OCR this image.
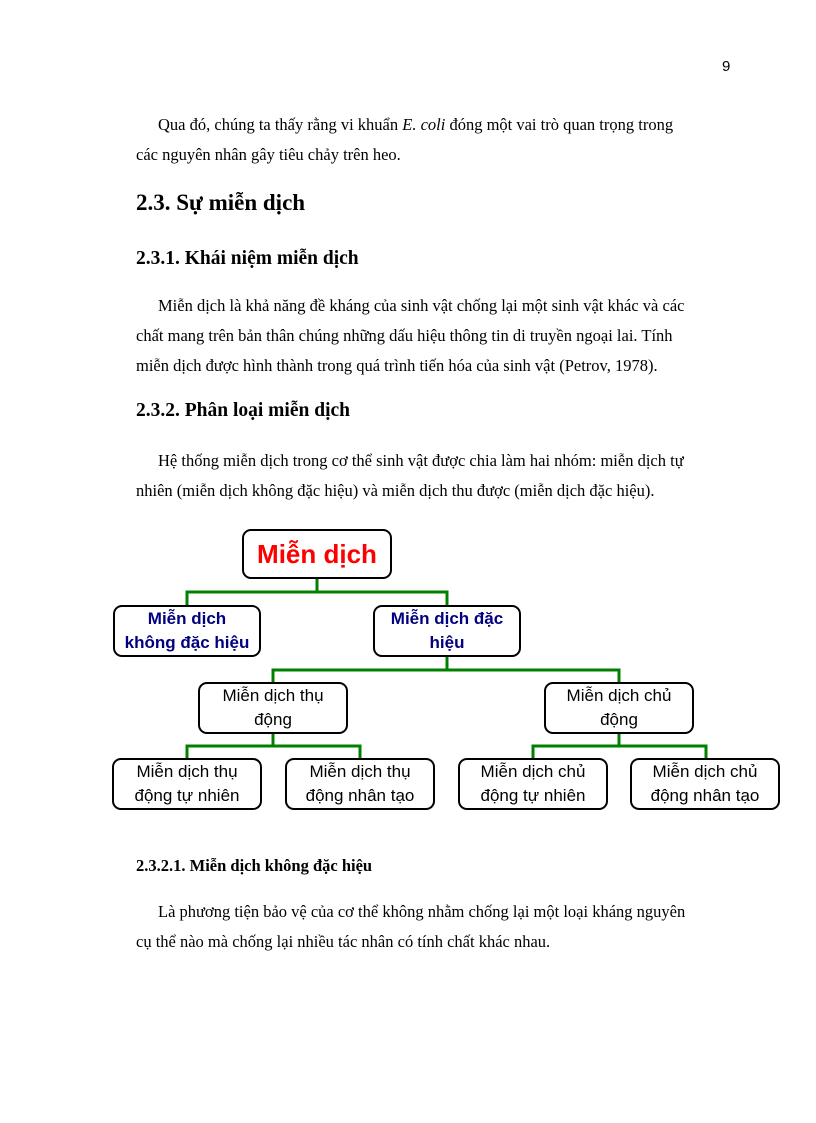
9

Qua đó, chúng ta thấy rằng vi khuẩn E. coli đóng một vai trò quan trọng trong
các nguyên nhân gây tiêu chảy trên heo.

2.3. Sự miễn dịch
2.3.1. Khái niệm miễn dịch

Miễn dịch là khả năng đề kháng của sinh vật chống lại một sinh vật khác và các
chất mang trên bản thân chúng những dấu hiệu thông tin di truyền ngoại lai. Tính
miễn dịch được hình thành trong quá trình tiến hóa của sinh vật (Petrov, 1978).

2.3.2. Phân loại miễn dịch

Hệ thống miễn dịch trong cơ thể sinh vật được chia làm hai nhóm: miễn dịch tự
nhiên (miễn dịch không đặc hiệu) và miễn dịch thu được (miễn dịch đặc hiệu).

Miễn dịch
Miễn dịch
không đặc hiệu
Miễn dịch đặc
hiệu
Miễn dịch thụ
động
Miễn dịch chủ
động
Miễn dịch thụ
động tự nhiên
Miễn dịch thụ
động nhân tạo
Miễn dịch chủ
động tự nhiên
Miễn dịch chủ
động nhân tạo
2.3.2.1. Miễn dịch không đặc hiệu

Là phương tiện bảo vệ của cơ thể không nhằm chống lại một loại kháng nguyên
cụ thể nào mà chống lại nhiều tác nhân có tính chất khác nhau.
